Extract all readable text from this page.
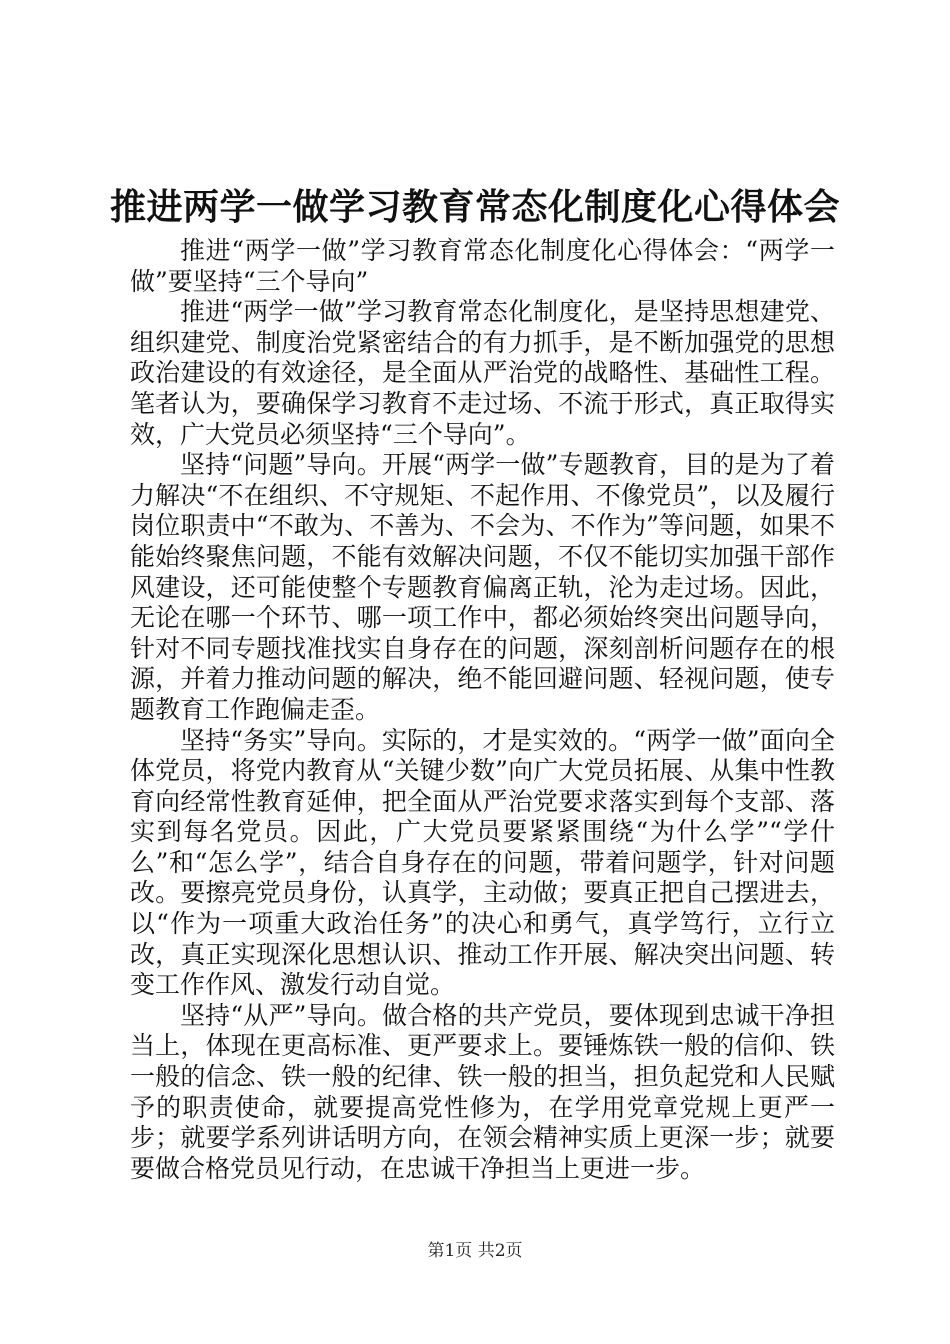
推进两学一做学习教育常态化制度化心得体会

推进“两学一做”学习教育常态化制度化心得体会：“两学一做”要坚持“三个导向”

推进“两学一做”学习教育常态化制度化，是坚持思想建党、组织建党、制度治党紧密结合的有力抓手，是不断加强党的思想政治建设的有效途径，是全面从严治党的战略性、基础性工程。笔者认为，要确保学习教育不走过场、不流于形式，真正取得实效，广大党员必须坚持“三个导向”。

坚持“问题”导向。开展“两学一做”专题教育，目的是为了着力解决“不在组织、不守规矩、不起作用、不像党员”，以及履行岗位职责中“不敢为、不善为、不会为、不作为”等问题，如果不能始终聚焦问题，不能有效解决问题，不仅不能切实加强干部作风建设，还可能使整个专题教育偏离正轨，沦为走过场。因此，无论在哪一个环节、哪一项工作中，都必须始终突出问题导向，针对不同专题找准找实自身存在的问题，深刻剖析问题存在的根源，并着力推动问题的解决，绝不能回避问题、轻视问题，使专题教育工作跑偏走歪。

坚持“务实”导向。实际的，才是实效的。“两学一做”面向全体党员，将党内教育从“关键少数”向广大党员拓展、从集中性教育向经常性教育延伸，把全面从严治党要求落实到每个支部、落实到每名党员。因此，广大党员要紧紧围绕“为什么学”“学什么”和“怎么学”，结合自身存在的问题，带着问题学，针对问题改。要擦亮党员身份，认真学，主动做；要真正把自己摆进去，以“作为一项重大政治任务”的决心和勇气，真学笃行，立行立改，真正实现深化思想认识、推动工作开展、解决突出问题、转变工作作风、激发行动自觉。

坚持“从严”导向。做合格的共产党员，要体现到忠诚干净担当上，体现在更高标准、更严要求上。要锤炼铁一般的信仰、铁一般的信念、铁一般的纪律、铁一般的担当，担负起党和人民赋予的职责使命，就要提高党性修为，在学用党章党规上更严一步；就要学系列讲话明方向，在领会精神实质上更深一步；就要要做合格党员见行动，在忠诚干净担当上更进一步。

第1页 共2页
